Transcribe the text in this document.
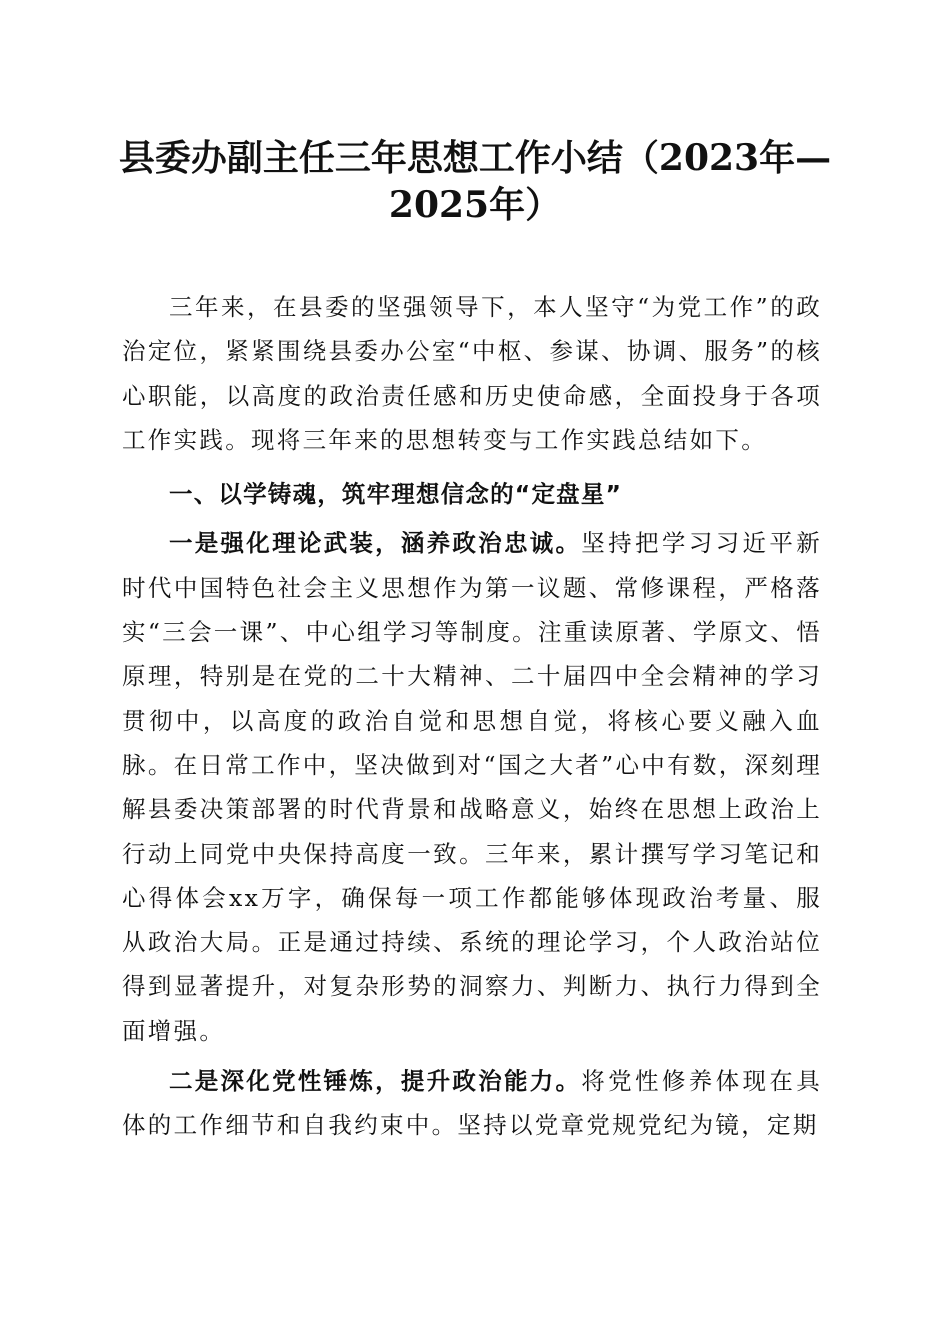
县委办副主任三年思想工作小结（2023年—2025年）

三年来，在县委的坚强领导下，本人坚守“为党工作”的政治定位，紧紧围绕县委办公室“中枢、参谋、协调、服务”的核心职能，以高度的政治责任感和历史使命感，全面投身于各项工作实践。现将三年来的思想转变与工作实践总结如下。

一、以学铸魂，筑牢理想信念的“定盘星”

一是强化理论武装，涵养政治忠诚。坚持把学习习近平新时代中国特色社会主义思想作为第一议题、常修课程，严格落实“三会一课”、中心组学习等制度。注重读原著、学原文、悟原理，特别是在党的二十大精神、二十届四中全会精神的学习贯彻中，以高度的政治自觉和思想自觉，将核心要义融入血脉。在日常工作中，坚决做到对“国之大者”心中有数，深刻理解县委决策部署的时代背景和战略意义，始终在思想上政治上行动上同党中央保持高度一致。三年来，累计撰写学习笔记和心得体会xx万字，确保每一项工作都能够体现政治考量、服从政治大局。正是通过持续、系统的理论学习，个人政治站位得到显著提升，对复杂形势的洞察力、判断力、执行力得到全面增强。

二是深化党性锤炼，提升政治能力。将党性修养体现在具体的工作细节和自我约束中。坚持以党章党规党纪为镜，定期
